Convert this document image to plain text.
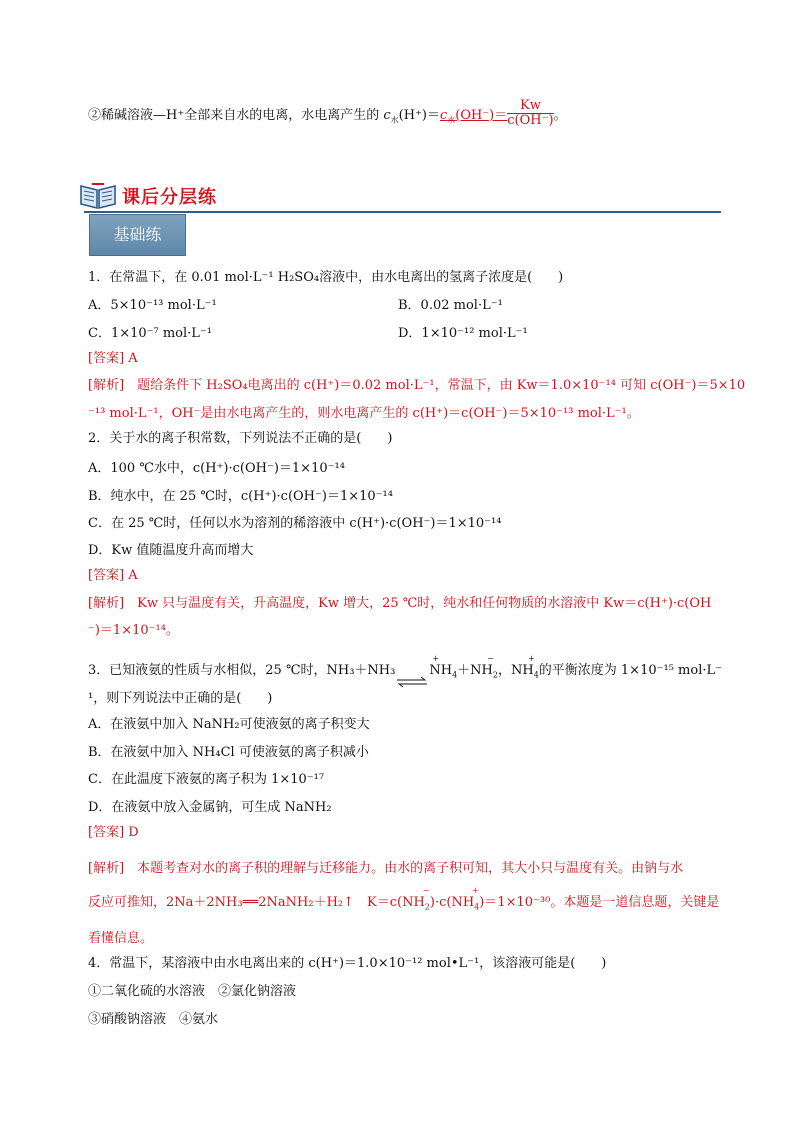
②稀碱溶液—H⁺全部来自水的电离，水电离产生的 $c_水(H^+)=c_水(OH^-)= \frac{Kw}{c(OH^-)}$ 。
课后分层练
基础练
1．在常温下，在 0.01 mol·L⁻¹ H₂SO₄溶液中，由水电离出的氢离子浓度是(　　)
A．5×10⁻¹³ mol·L⁻¹	B．0.02 mol·L⁻¹
C．1×10⁻⁷ mol·L⁻¹	D．1×10⁻¹² mol·L⁻¹
[答案] A
[解析]　题给条件下 H₂SO₄电离出的 c(H⁺)＝0.02 mol·L⁻¹，常温下，由 Kw＝1.0×10⁻¹⁴ 可知 c(OH⁻)＝5×10
⁻¹³ mol·L⁻¹，OH⁻是由水电离产生的，则水电离产生的 c(H⁺)＝c(OH⁻)＝5×10⁻¹³ mol·L⁻¹。
2．关于水的离子积常数，下列说法不正确的是(　　)
A．100 ℃水中，c(H⁺)·c(OH⁻)＝1×10⁻¹⁴
B．纯水中，在 25 ℃时，c(H⁺)·c(OH⁻)＝1×10⁻¹⁴
C．在 25 ℃时，任何以水为溶剂的稀溶液中 c(H⁺)·c(OH⁻)＝1×10⁻¹⁴
D．Kw 值随温度升高而增大
[答案] A
[解析]　Kw 只与温度有关，升高温度，Kw 增大，25 ℃时，纯水和任何物质的水溶液中 Kw＝c(H⁺)·c(OH
⁻)＝1×10⁻¹⁴。
3．已知液氨的性质与水相似，25 ℃时，NH₃＋NH₃
+
$NH_4+NH$
−
$_2$，NH
+
$_4$的平衡浓度为 1×10⁻¹⁵ mol·L⁻
¹，则下列说法中正确的是(　　)
A．在液氨中加入 NaNH₂可使液氨的离子积变大
B．在液氨中加入 NH₄Cl 可使液氨的离子积减小
C．在此温度下液氨的离子积为 1×10⁻¹⁷
D．在液氨中放入金属钠，可生成 NaNH₂
[答案] D
[解析]　本题考查对水的离子积的理解与迁移能力。由水的离子积可知，其大小只与温度有关。由钠与水
反应可推知，2Na＋2NH₃══2NaNH₂＋H₂↑　K＝c(NH
−
$_2$)·c(NH
+
$_4$)＝1×10⁻³⁰。本题是一道信息题，关键是
看懂信息。
4．常温下，某溶液中由水电离出来的 c(H⁺)＝1.0×10⁻¹² mol•L⁻¹，该溶液可能是(　　)
①二氧化硫的水溶液　②氯化钠溶液
③硝酸钠溶液　④氨水
